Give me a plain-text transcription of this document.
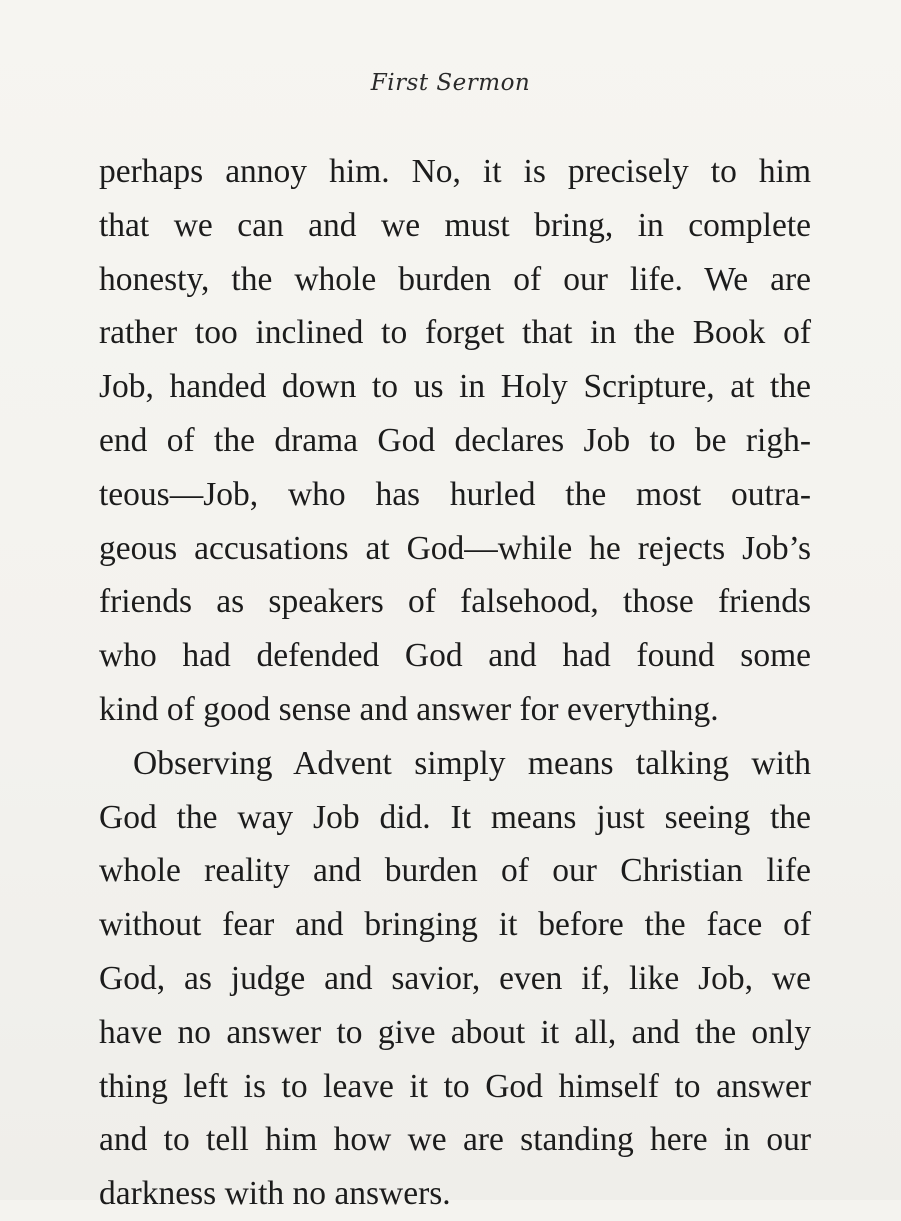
First Sermon
perhaps annoy him. No, it is precisely to him
that we can and we must bring, in complete
honesty, the whole burden of our life. We are
rather too inclined to forget that in the Book of
Job, handed down to us in Holy Scripture, at the
end of the drama God declares Job to be righ-
teous—Job, who has hurled the most outra-
geous accusations at God—while he rejects Job’s
friends as speakers of falsehood, those friends
who had defended God and had found some
kind of good sense and answer for everything.
Observing Advent simply means talking with
God the way Job did. It means just seeing the
whole reality and burden of our Christian life
without fear and bringing it before the face of
God, as judge and savior, even if, like Job, we
have no answer to give about it all, and the only
thing left is to leave it to God himself to answer
and to tell him how we are standing here in our
darkness with no answers.
